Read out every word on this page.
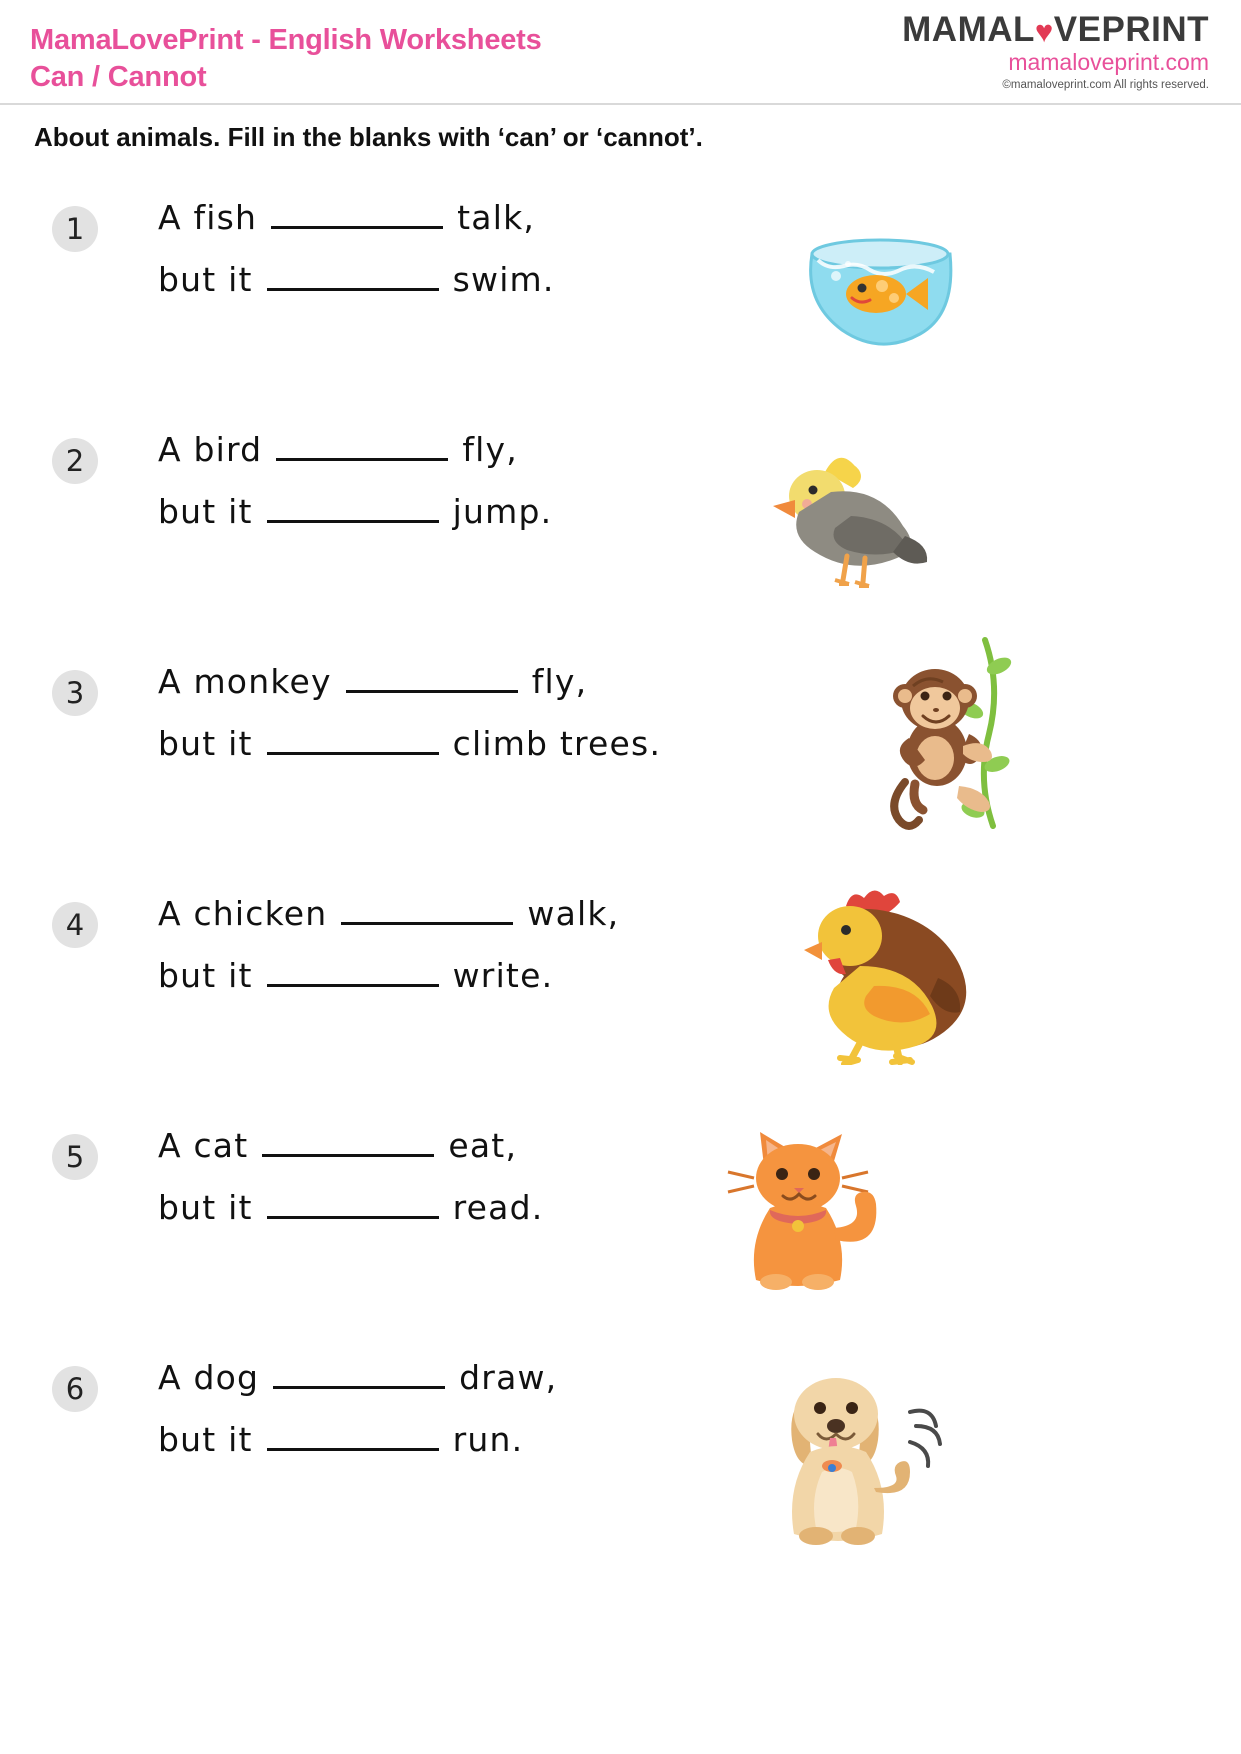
MamaLovePrint - English Worksheets
Can / Cannot
MAMAL♥VEPRINT
mamaloveprint.com
©mamaloveprint.com All rights reserved.
About animals. Fill in the blanks with ‘can’ or ‘cannot’.
1	A fish	talk,
but it	swim.
2	A bird	fly,
but it	jump.
3	A monkey	fly,
but it	climb trees.
4	A chicken	walk,
but it	write.
5	A cat	eat,
but it	read.
6	A dog	draw,
but it	run.
